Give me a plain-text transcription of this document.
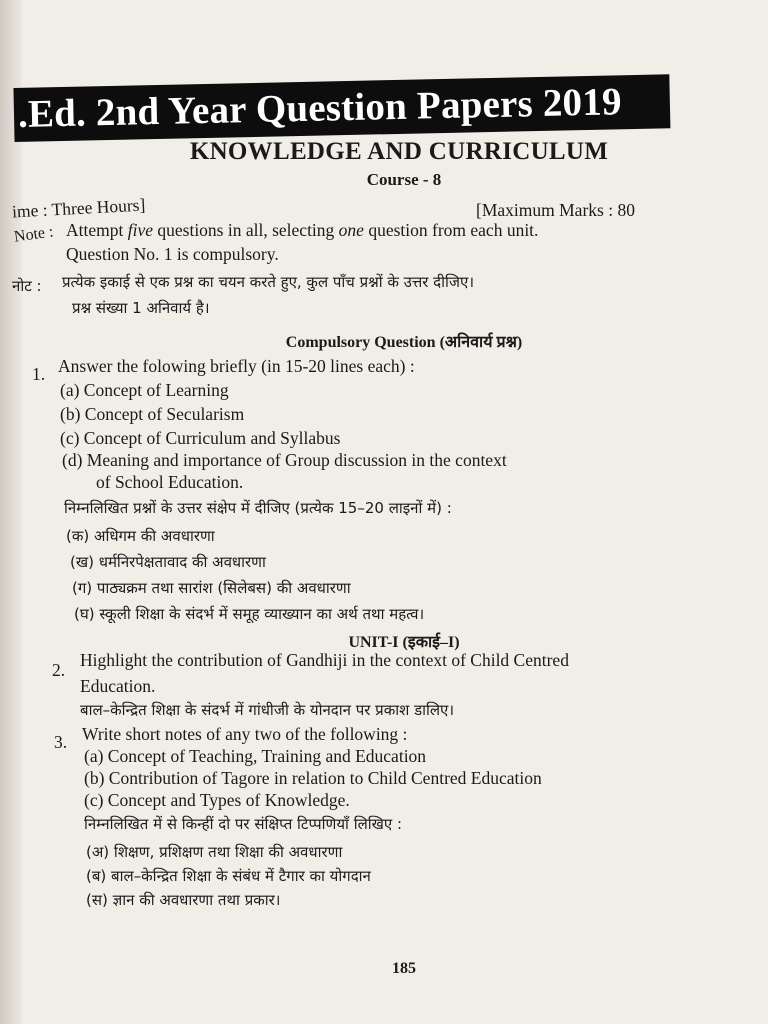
.Ed. 2nd Year Question Papers 2019
KNOWLEDGE AND CURRICULUM
Course - 8
ime : Three Hours]	[Maximum Marks : 80
Note : Attempt five questions in all, selecting one question from each unit.
Question No. 1 is compulsory.
नोट : प्रत्येक इकाई से एक प्रश्न का चयन करते हुए, कुल पाँच प्रश्नों के उत्तर दीजिए।
प्रश्न संख्या 1 अनिवार्य है।
Compulsory Question (अनिवार्य प्रश्न)
1. Answer the folowing briefly (in 15-20 lines each) :
(a) Concept of Learning
(b) Concept of Secularism
(c) Concept of Curriculum and Syllabus
(d) Meaning and importance of Group discussion in the context
of School Education.
निम्नलिखित प्रश्नों के उत्तर संक्षेप में दीजिए (प्रत्येक 15–20 लाइनों में) :
(क) अधिगम की अवधारणा
(ख) धर्मनिरपेक्षतावाद की अवधारणा
(ग) पाठ्यक्रम तथा सारांश (सिलेबस) की अवधारणा
(घ) स्कूली शिक्षा के संदर्भ में समूह व्याख्यान का अर्थ तथा महत्व।
UNIT-I (इकाई–I)
2. Highlight the contribution of Gandhiji in the context of Child Centred
Education.
बाल–केन्द्रित शिक्षा के संदर्भ में गांधीजी के योनदान पर प्रकाश डालिए।
3. Write short notes of any two of the following :
(a) Concept of Teaching, Training and Education
(b) Contribution of Tagore in relation to Child Centred Education
(c) Concept and Types of Knowledge.
निम्नलिखित में से किन्हीं दो पर संक्षिप्त टिप्पणियाँ लिखिए :
(अ) शिक्षण, प्रशिक्षण तथा शिक्षा की अवधारणा
(ब) बाल–केन्द्रित शिक्षा के संबंध में टैगार का योगदान
(स) ज्ञान की अवधारणा तथा प्रकार।
185
